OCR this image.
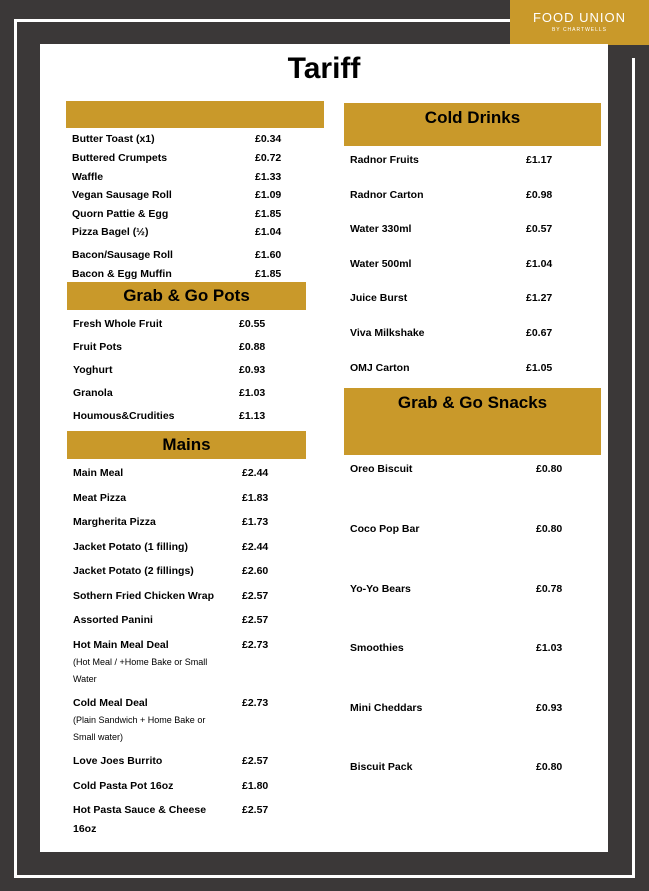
FOOD UNION
BY CHARTWELLS
Tariff
Grab & Go Pots
Mains
Cold Drinks
Grab & Go Snacks
Butter Toast (x1)	£0.34
Buttered Crumpets	£0.72
Waffle	£1.33
Vegan Sausage Roll	£1.09
Quorn Pattie & Egg	£1.85
Pizza Bagel (½)	£1.04
Bacon/Sausage Roll	£1.60
Bacon & Egg Muffin	£1.85
Fresh Whole Fruit	£0.55
Fruit Pots	£0.88
Yoghurt	£0.93
Granola	£1.03
Houmous&Crudities	£1.13
Main Meal	£2.44
Meat Pizza	£1.83
Margherita Pizza	£1.73
Jacket Potato (1 filling)	£2.44
Jacket Potato (2 fillings)	£2.60
Sothern Fried Chicken Wrap	£2.57
Assorted Panini	£2.57
Hot Main Meal Deal	£2.73
(Hot Meal / +Home Bake or Small
Water
Cold Meal Deal	£2.73
(Plain Sandwich + Home Bake or
Small water)
Love Joes Burrito	£2.57
Cold Pasta Pot 16oz	£1.80
Hot Pasta Sauce & Cheese	£2.57
16oz
Radnor Fruits	£1.17
Radnor Carton	£0.98
Water 330ml	£0.57
Water 500ml	£1.04
Juice Burst	£1.27
Viva Milkshake	£0.67
OMJ Carton	£1.05
Oreo Biscuit	£0.80
Coco Pop Bar	£0.80
Yo-Yo Bears	£0.78
Smoothies	£1.03
Mini Cheddars	£0.93
Biscuit Pack	£0.80
